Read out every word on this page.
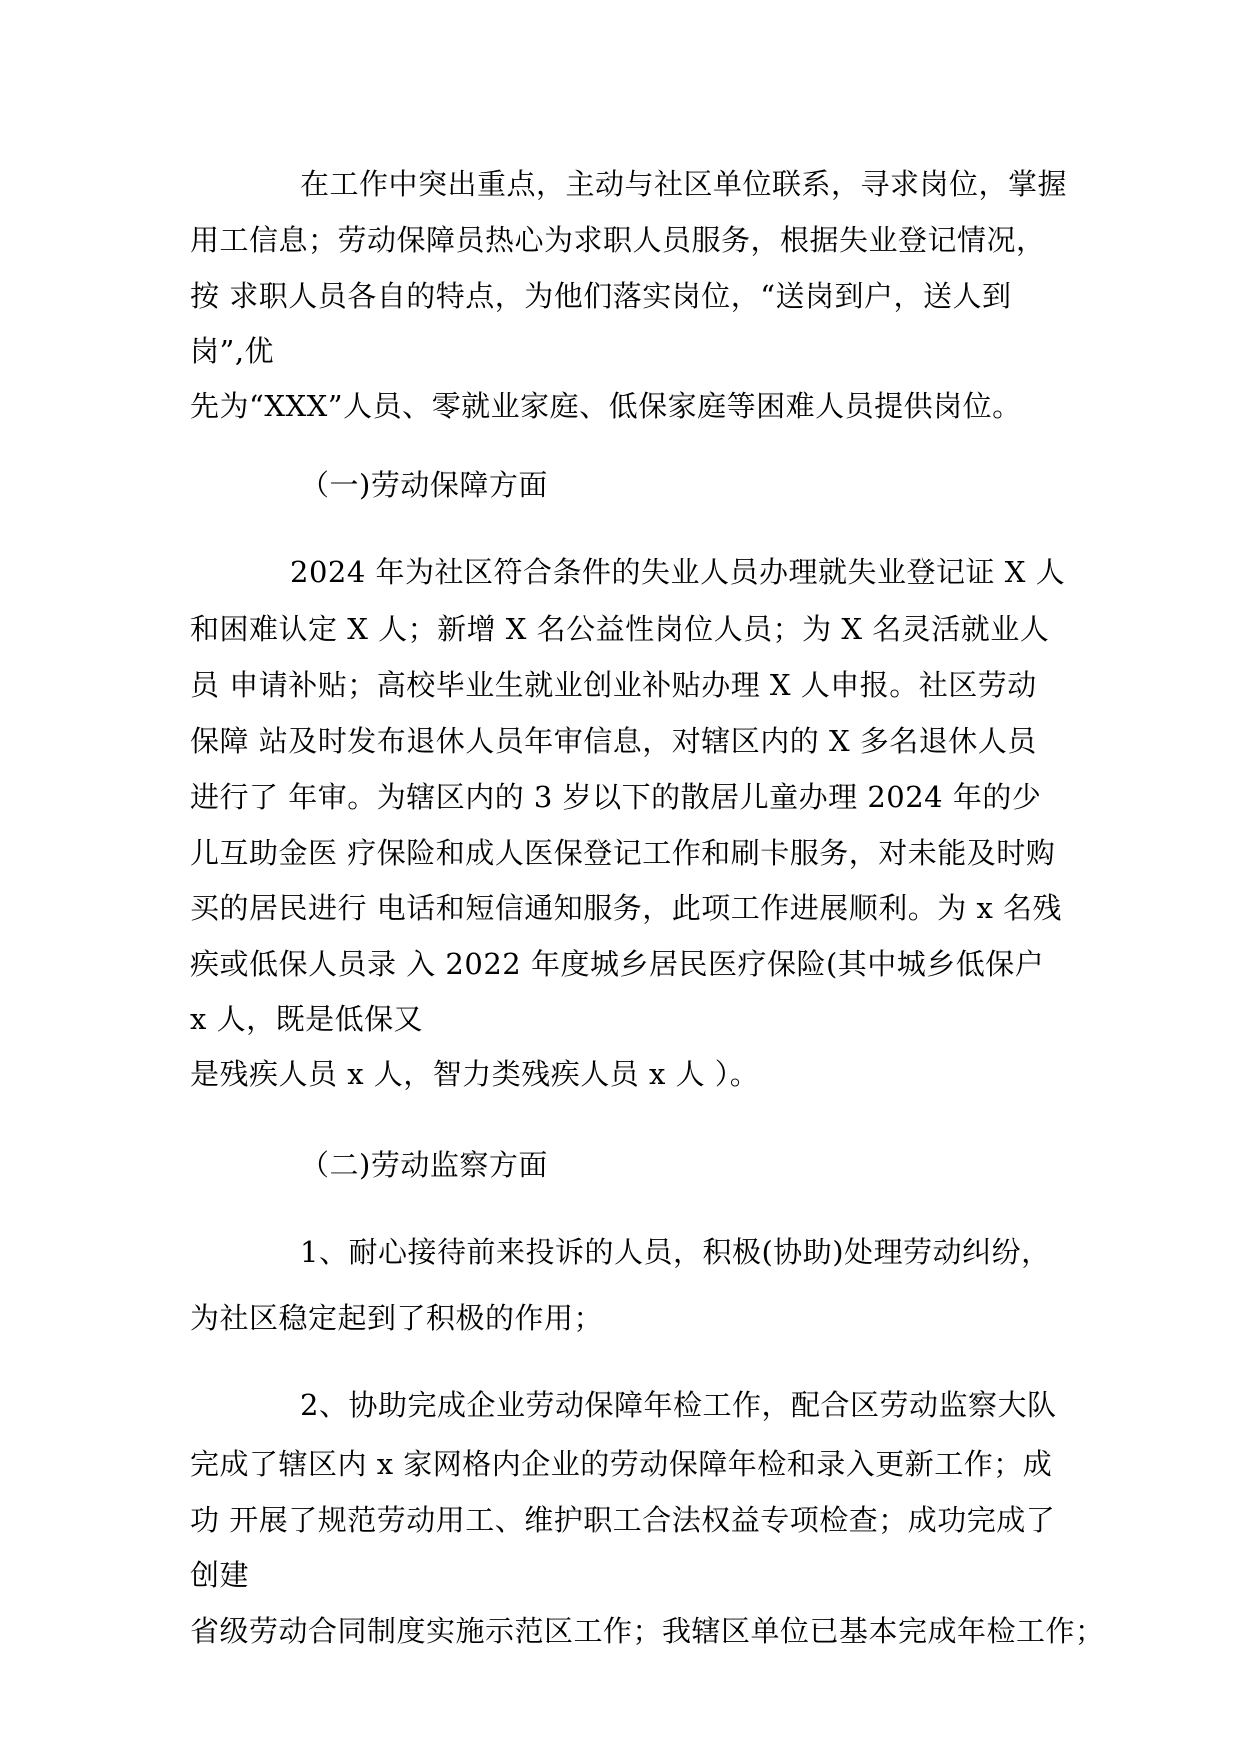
在工作中突出重点，主动与社区单位联系，寻求岗位，掌握
用工信息；劳动保障员热心为求职人员服务，根据失业登记情况，
按 求职人员各自的特点，为他们落实岗位，“送岗到户，送人到
岗”,优
先为“XXX”人员、零就业家庭、低保家庭等困难人员提供岗位。
（一)劳动保障方面
2024 年为社区符合条件的失业人员办理就失业登记证 X 人
和困难认定 X 人；新增 X 名公益性岗位人员；为 X 名灵活就业人
员 申请补贴；高校毕业生就业创业补贴办理 X 人申报。社区劳动
保障 站及时发布退休人员年审信息，对辖区内的 X 多名退休人员
进行了 年审。为辖区内的 3 岁以下的散居儿童办理 2024 年的少
儿互助金医 疗保险和成人医保登记工作和刷卡服务，对未能及时购
买的居民进行 电话和短信通知服务，此项工作进展顺利。为 x 名残
疾或低保人员录 入 2022 年度城乡居民医疗保险(其中城乡低保户
x 人，既是低保又
是残疾人员 x 人，智力类残疾人员 x 人 ）。
（二)劳动监察方面
1、耐心接待前来投诉的人员，积极(协助)处理劳动纠纷，
为社区稳定起到了积极的作用；
2、协助完成企业劳动保障年检工作，配合区劳动监察大队
完成了辖区内 x 家网格内企业的劳动保障年检和录入更新工作；成
功 开展了规范劳动用工、维护职工合法权益专项检查；成功完成了
创建
省级劳动合同制度实施示范区工作；我辖区单位已基本完成年检工作；
